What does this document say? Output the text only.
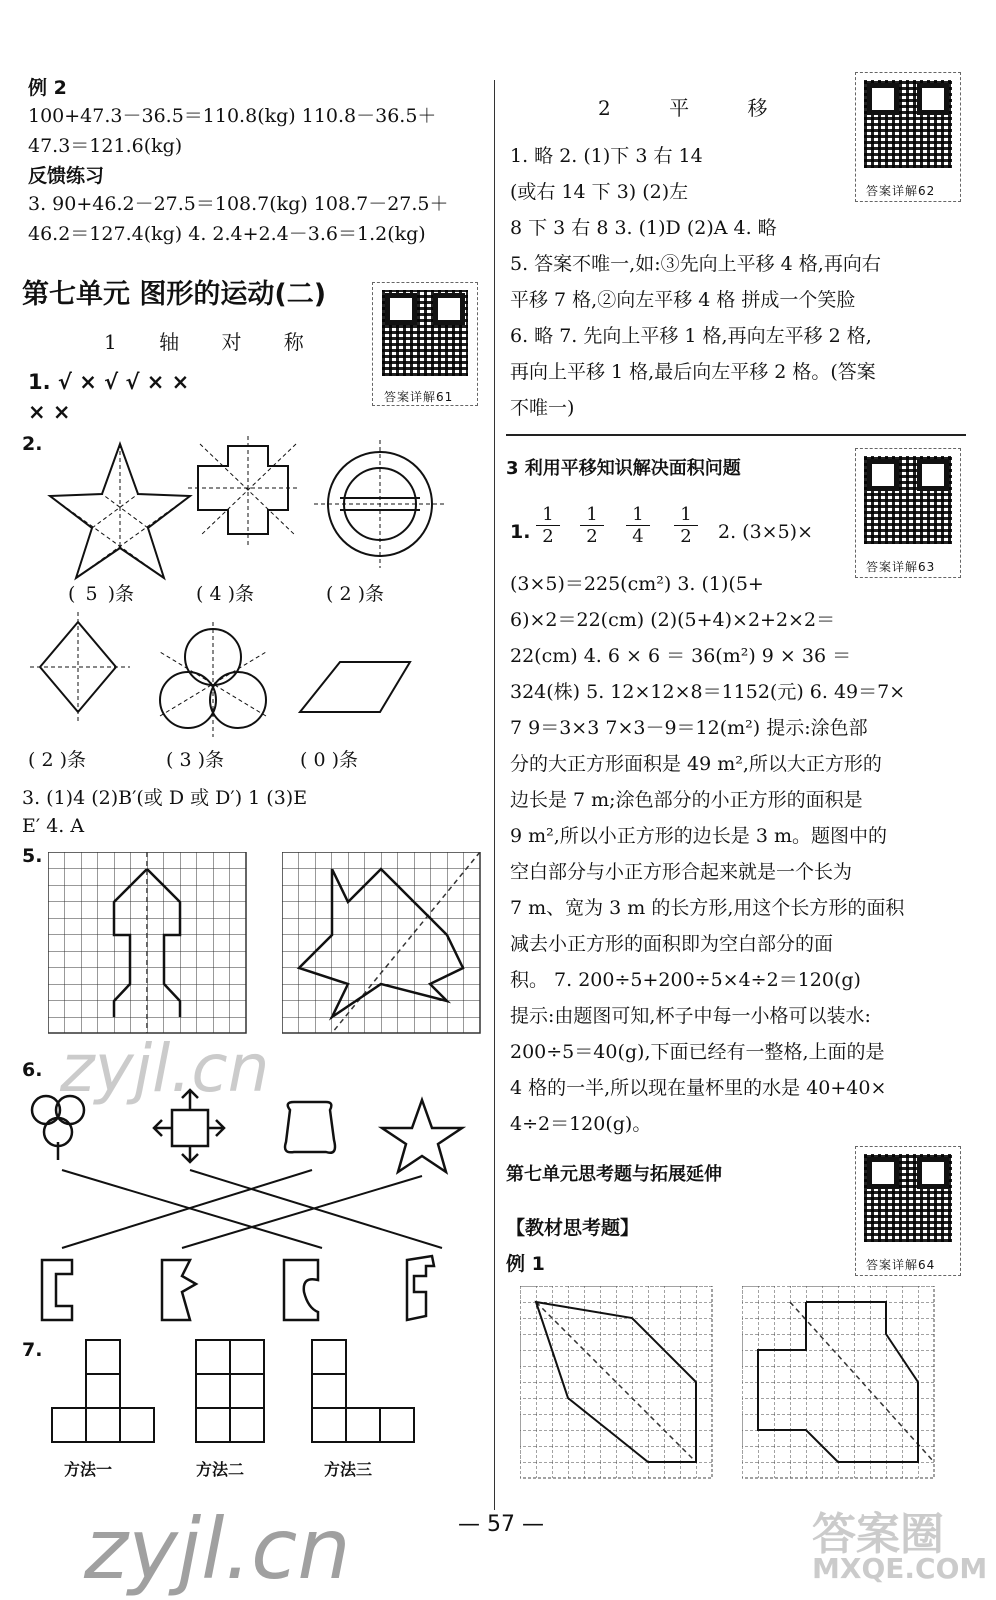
例 2
100+47.3－36.5＝110.8(kg) 110.8－36.5＋
47.3＝121.6(kg)
反馈练习
3. 90+46.2－27.5＝108.7(kg) 108.7－27.5＋
46.2＝127.4(kg) 4. 2.4+2.4－3.6＝1.2(kg)
第七单元 图形的运动(二)
答案详解61
1 轴 对 称
1. √ × √ √ × ×
× ×
2.
( 5 )条	( 4 )条	( 2 )条
( 2 )条	( 3 )条	( 0 )条
3. (1)4 (2)B′(或 D 或 D′) 1 (3)E
E′ 4. A
5.
6.
7.
方法一	方法二	方法三
2 平 移
答案详解62
1. 略 2. (1)下 3 右 14
(或右 14 下 3) (2)左
8 下 3 右 8 3. (1)D (2)A 4. 略
5. 答案不唯一,如:③先向上平移 4 格,再向右
平移 7 格,②向左平移 4 格 拼成一个笑脸
6. 略 7. 先向上平移 1 格,再向左平移 2 格,
再向上平移 1 格,最后向左平移 2 格。(答案
不唯一)
3 利用平移知识解决面积问题
答案详解63
1. $\frac{1}{2} \frac{1}{2} \frac{1}{4} \frac{1}{2} 2$. (3×5)×
(3×5)＝225(cm²) 3. (1)(5+
6)×2＝22(cm) (2)(5+4)×2+2×2＝
22(cm) 4. 6 × 6 ＝ 36(m²) 9 × 36 ＝
324(株) 5. 12×12×8＝1152(元) 6. 49＝7×
7 9＝3×3 7×3－9＝12(m²) 提示:涂色部
分的大正方形面积是 49 m²,所以大正方形的
边长是 7 m;涂色部分的小正方形的面积是
9 m²,所以小正方形的边长是 3 m。题图中的
空白部分与小正方形合起来就是一个长为
7 m、宽为 3 m 的长方形,用这个长方形的面积
减去小正方形的面积即为空白部分的面
积。 7. 200÷5+200÷5×4÷2＝120(g)
提示:由题图可知,杯子中每一小格可以装水:
200÷5＝40(g),下面已经有一整格,上面的是
4 格的一半,所以现在量杯里的水是 40+40×
4÷2＝120(g)。
第七单元思考题与拓展延伸
答案详解64
【教材思考题】
例 1
— 57 —
zyjl.cn
zyjl.cn	答案圈
MXQE.COM
